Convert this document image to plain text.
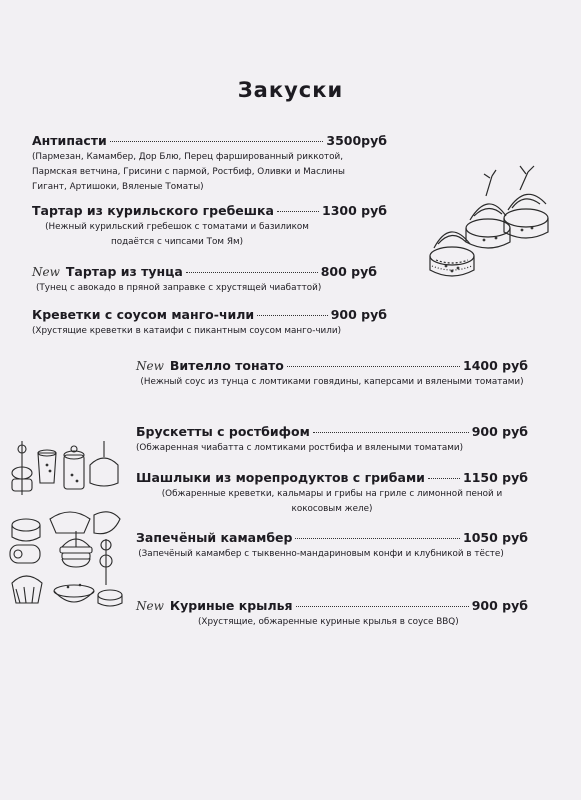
Закуски
Антипасти	3500руб
(Пармезан, Камамбер, Дор Блю, Перец фаршированный риккотой, Пармская ветчина, Грисини с пармой, Ростбиф, Оливки и Маслины Гигант, Артишоки, Вяленые Томаты)
Тартар из курильского гребешка	1300 руб
(Нежный курильский гребешок с томатами и базиликом подаётся с чипсами Том Ям)
New Тартар из тунца	800 руб
(Тунец с авокадо в пряной заправке с хрустящей чиабаттой)
Креветки с соусом манго-чили	900 руб
(Хрустящие креветки в катаифи с пикантным соусом манго-чили)
New Вителло тонато	1400 руб
(Нежный соус из тунца с ломтиками говядины, каперсами и вялеными томатами)
Брускетты с ростбифом	900 руб
(Обжаренная чиабатта с ломтиками ростбифа и вялеными томатами)
Шашлыки из морепродуктов с грибами	1150 руб
(Обжаренные креветки, кальмары и грибы на гриле с лимонной пеной и кокосовым желе)
Запечёный камамбер	1050 руб
(Запечёный камамбер с тыквенно-мандариновым конфи и клубникой в тёсте)
New Куриные крылья	900 руб
(Хрустящие, обжаренные куриные крылья в соусе BBQ)
